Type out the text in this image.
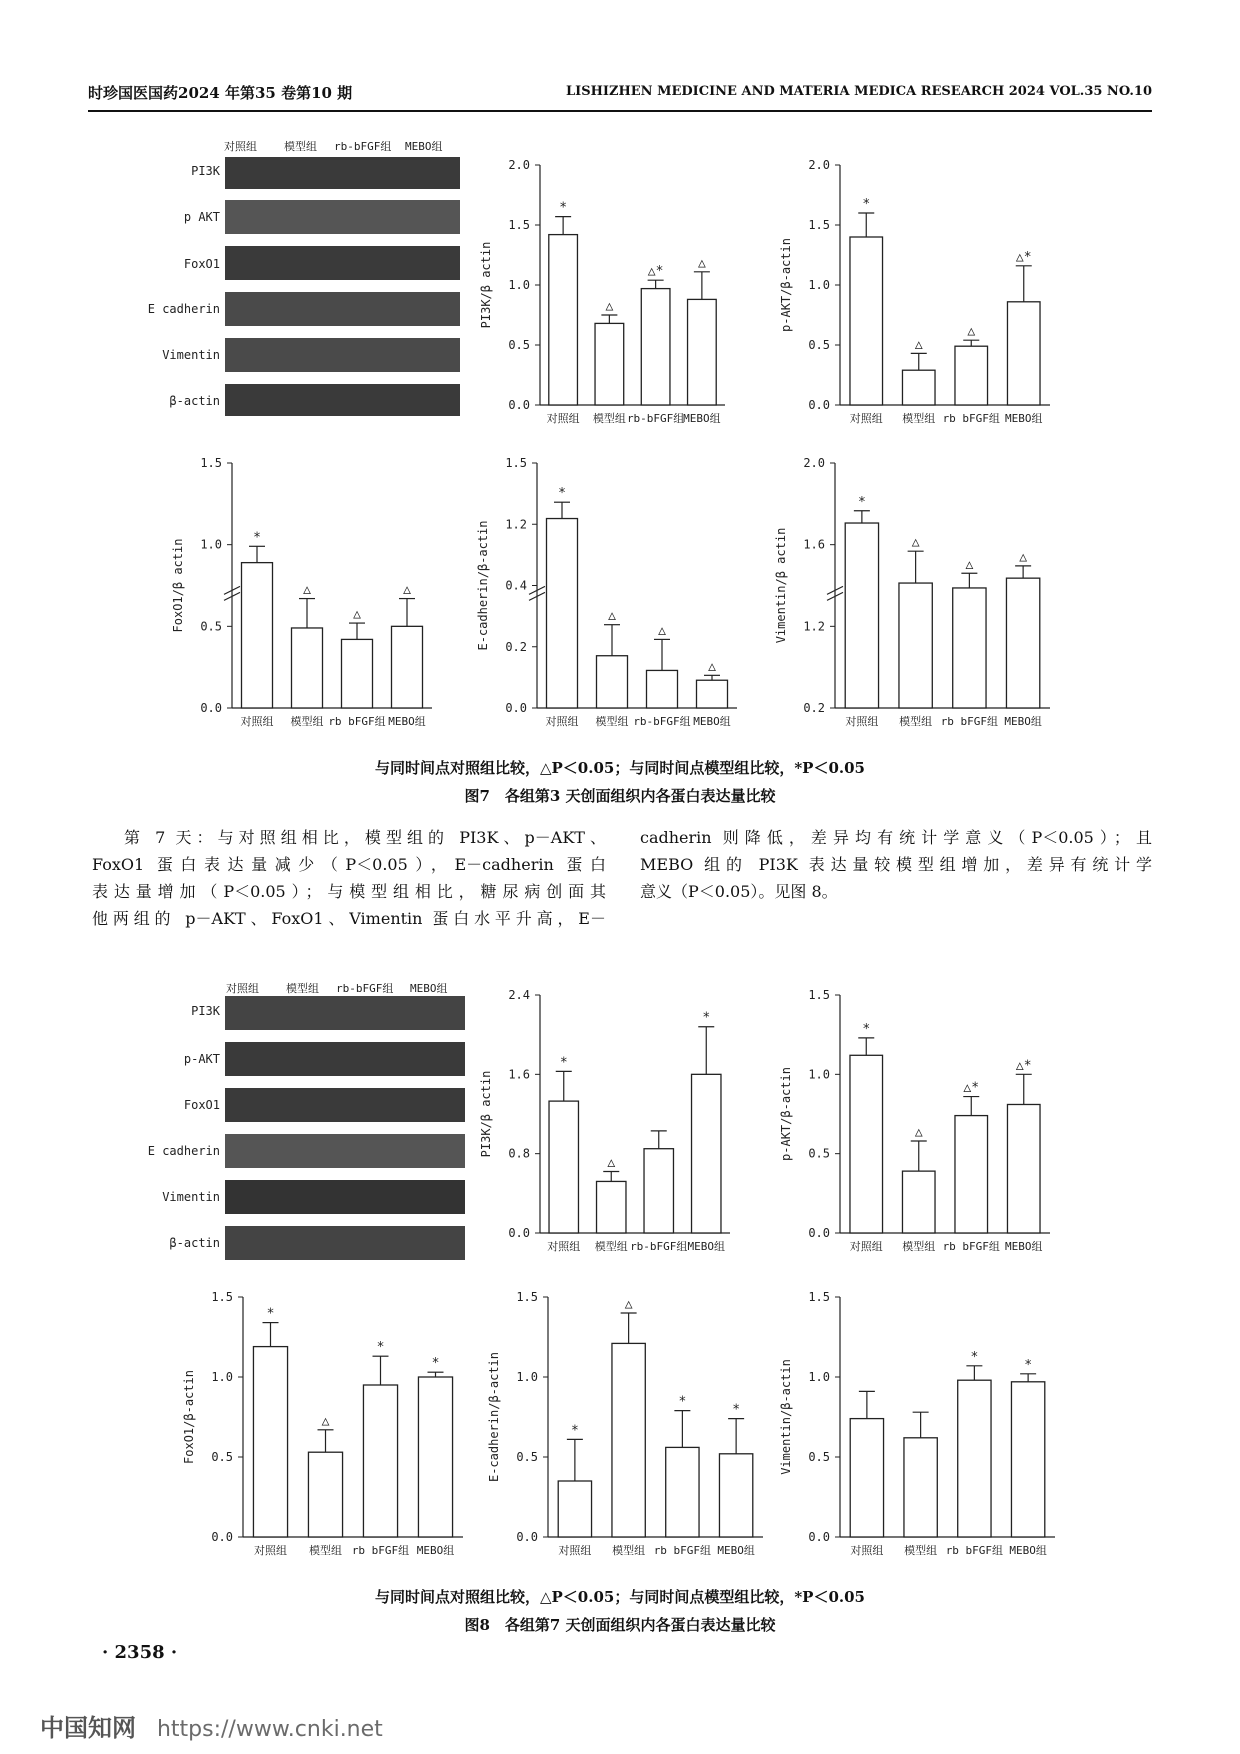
时珍国医国药2024 年第35 卷第10 期	LISHIZHEN MEDICINE AND MATERIA MEDICA RESEARCH 2024 VOL.35 NO.10
对照组	模型组	rb-bFGF组	MEBO组
PI3K
p AKT
FoxO1
E cadherin
Vimentin
β-actin	0.0
0.5
1.0
1.5
2.0
PI3K/β actin
*
对照组
△
模型组
△*
rb-bFGF组
△
MEBO组
0.0
0.5
1.0
1.5
2.0
p-AKT/β-actin
*
对照组
△
模型组
△
rb bFGF组
△*
MEBO组
0.0
0.5
1.0
1.5
FoxO1/β actin
*
对照组
△
模型组
△
rb bFGF组
△
MEBO组
0.0
0.2
0.4
1.2
1.5
E-cadherin/β-actin
*
对照组
△
模型组
△
rb-bFGF组
△
MEBO组
0.2
1.2
1.6
2.0
Vimentin/β actin
*
对照组
△
模型组
△
rb bFGF组
△
MEBO组
0.0
0.8
1.6
2.4
PI3K/β actin
*
对照组
△
模型组 rb-bFGF组
*
MEBO组
0.0
0.5
1.0
1.5
p-AKT/β-actin
*
对照组
△
模型组
△*
rb bFGF组
△*
MEBO组
0.0
0.5
1.0
1.5
FoxO1/β-actin
*
对照组
△
模型组
*
rb bFGF组
*
MEBO组
0.0
0.5
1.0
1.5
E-cadherin/β-actin	*
对照组
△
模型组
*
rb bFGF组
*
MEBO组
0.0
0.5
1.0
1.5
Vimentin/β-actin
对照组 模型组
*
rb bFGF组
*
MEBO组
与同时间点对照组比较，△P＜0.05；与同时间点模型组比较，*P＜0.05
图7　各组第3 天创面组织内各蛋白表达量比较
第 7 天：与对照组相比，模型组的 PI3K、p－AKT、
FoxO1 蛋白表达量减少（P＜0.05），E－cadherin 蛋白
表达量增加（P＜0.05）；与模型组相比，糖尿病创面其
他两组的 p－AKT、FoxO1、Vimentin 蛋白水平升高，E－
cadherin 则降低，差异均有统计学意义（P＜0.05）；且
MEBO 组的 PI3K 表达量较模型组增加，差异有统计学
意义（P＜0.05）。见图 8。
对照组	模型组	rb-bFGF组	MEBO组
PI3K
p-AKT
FoxO1
E cadherin
Vimentin
β-actin
与同时间点对照组比较，△P＜0.05；与同时间点模型组比较，*P＜0.05
图8　各组第7 天创面组织内各蛋白表达量比较
· 2358 ·
中国知网 https://www.cnki.net
